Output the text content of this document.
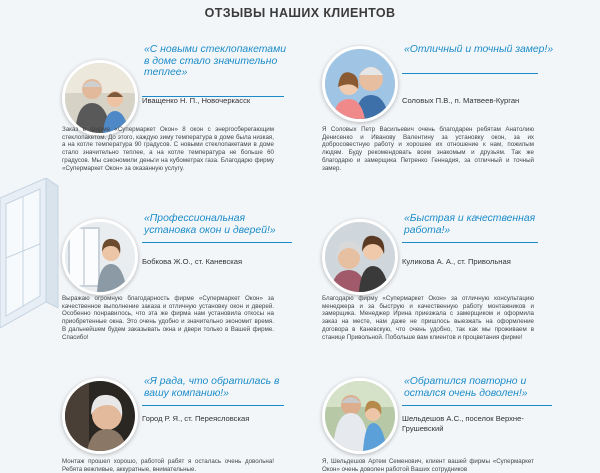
ОТЗЫВЫ НАШИХ КЛИЕНТОВ
«С новыми стеклопакетами в доме стало значительно теплее»
Иващенко Н. П., Новочеркасск
Заказ в фирме «Супермаркет Окон» 8 окон с энергосберегающим стеклопакетом. До этого, каждую зиму температура в доме была низкая, а на котле температура 90 градусов. С новыми стеклопакетами в доме стало значительно теплее, а на котле температура не больше 60 градусов. Мы сэкономили деньги на кубометрах газа. Благодарю фирму «Супермаркет Окон» за оказанную услугу.
«Отличный и точный замер!»
Соловых П.В., п. Матвеев-Курган
Я Соловых Петр Васильевич очень благодарен ребятам Анатолию Денисенко и Иванову Валентину за установку окон, за их добросовестную работу и хорошее их отношение к нам, пожилым людям. Буду рекомендовать всем знакомым и друзьям. Так же благодарю и замерщика Петренко Геннадия, за отличный и точный замер.
«Профессиональная установка окон и дверей!»
Бобкова Ж.О., ст. Каневская
Выражаю огромную благодарность фирме «Супермаркет Окон» за качественное выполнение заказа и отличную установку окон и дверей. Особенно понравилось, что эта же фирма нам установила откосы на приобретенные окна. Это очень удобно и значительно экономит время. В дальнейшем будем заказывать окна и двери только в Вашей фирме. Спасибо!
«Быстрая и качественная работа!»
Куликова А. А., ст. Привольная
Благодарю фирму «Супермаркет Окон» за отличную консультацию менеджера и за быструю и качественную работу монтажников и замерщика. Менеджер Ирина приезжала с замерщиком и оформила заказ на месте, нам даже не пришлось выезжать на оформление договора в Каневскую, что очень удобно, так как мы проживаем в станице Привольной. Побольше вам клиентов и процветания фирме!
«Я рада, что обратилась в вашу компанию!»
Город Р. Я., ст. Переясловская
Монтаж прошел хорошо, работой рабят я осталась очень довольна! Ребята вежливые, аккуратные, внимательные.
«Обратился повторно и остался очень доволен!»
Шельдешов А.С., поселок Верхне-Грушевский
Я, Шельдешов Артем Семенович, клиент вашей фирмы «Супермаркет Окон» очень доволен работой Ваших сотрудников
